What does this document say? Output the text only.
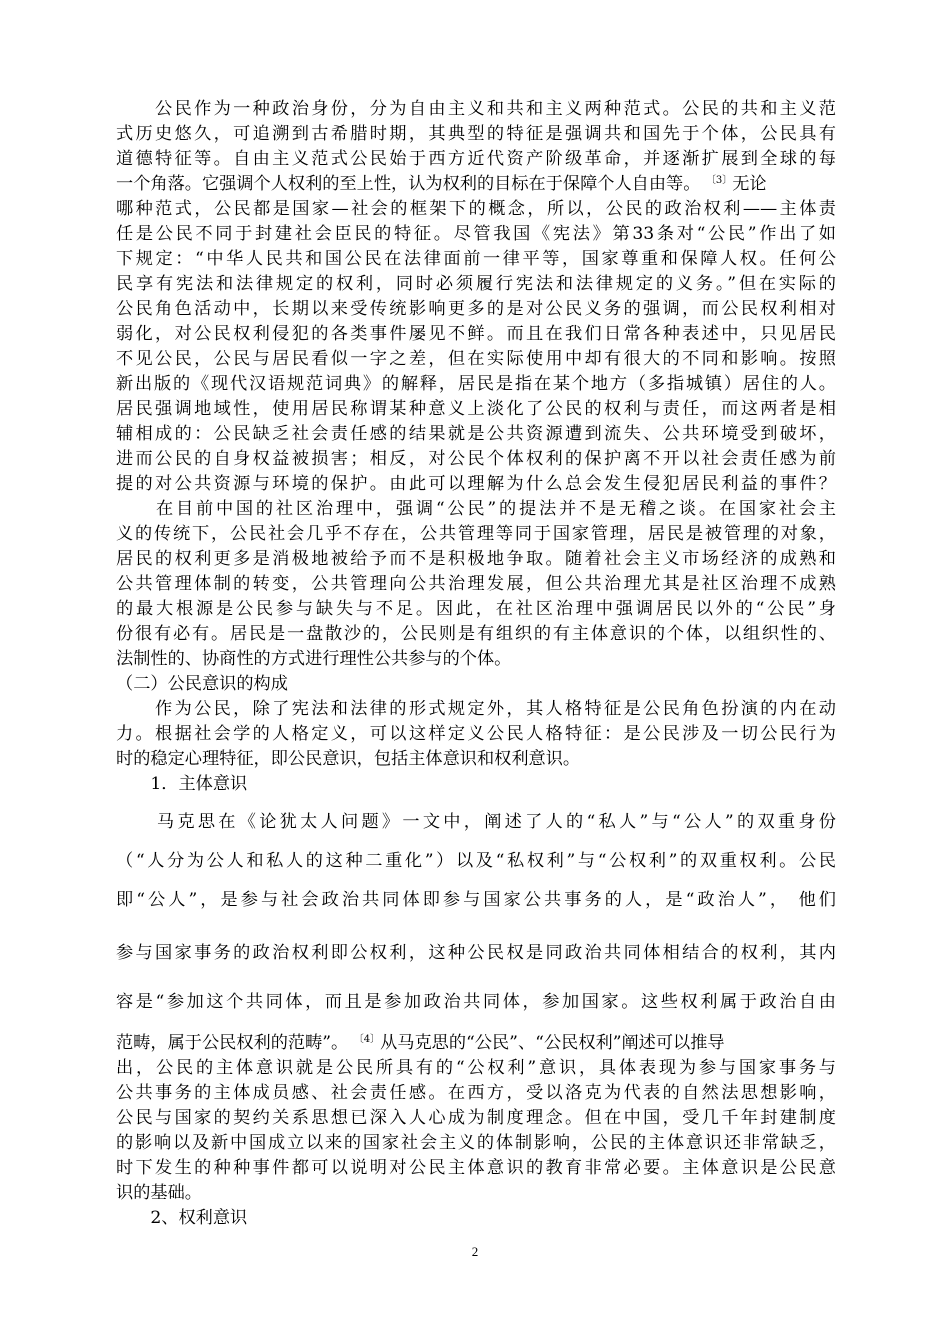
　　公民作为一种政治身份，分为自由主义和共和主义两种范式。公民的共和主义范
式历史悠久，可追溯到古希腊时期，其典型的特征是强调共和国先于个体，公民具有
道德特征等。自由主义范式公民始于西方近代资产阶级革命，并逐渐扩展到全球的每
一个角落。它强调个人权利的至上性，认为权利的目标在于保障个人自由等。 $^{〔3〕}$无论
哪种范式，公民都是国家—社会的框架下的概念，所以，公民的政治权利——主体责
任是公民不同于封建社会臣民的特征。尽管我国《宪法》第33条对“公民”作出了如
下规定：“中华人民共和国公民在法律面前一律平等，国家尊重和保障人权。任何公
民享有宪法和法律规定的权利，同时必须履行宪法和法律规定的义务。”但在实际的
公民角色活动中，长期以来受传统影响更多的是对公民义务的强调，而公民权利相对
弱化，对公民权利侵犯的各类事件屡见不鲜。而且在我们日常各种表述中，只见居民
不见公民，公民与居民看似一字之差，但在实际使用中却有很大的不同和影响。按照
新出版的《现代汉语规范词典》的解释，居民是指在某个地方（多指城镇）居住的人。
居民强调地域性，使用居民称谓某种意义上淡化了公民的权利与责任，而这两者是相
辅相成的：公民缺乏社会责任感的结果就是公共资源遭到流失、公共环境受到破坏，
进而公民的自身权益被损害；相反，对公民个体权利的保护离不开以社会责任感为前
提的对公共资源与环境的保护。由此可以理解为什么总会发生侵犯居民利益的事件？
　　在目前中国的社区治理中，强调“公民”的提法并不是无稽之谈。在国家社会主
义的传统下，公民社会几乎不存在，公共管理等同于国家管理，居民是被管理的对象，
居民的权利更多是消极地被给予而不是积极地争取。随着社会主义市场经济的成熟和
公共管理体制的转变，公共管理向公共治理发展，但公共治理尤其是社区治理不成熟
的最大根源是公民参与缺失与不足。因此，在社区治理中强调居民以外的“公民”身
份很有必有。居民是一盘散沙的，公民则是有组织的有主体意识的个体，以组织性的、
法制性的、协商性的方式进行理性公共参与的个体。
（二）公民意识的构成
　　作为公民，除了宪法和法律的形式规定外，其人格特征是公民角色扮演的内在动
力。根据社会学的人格定义，可以这样定义公民人格特征：是公民涉及一切公民行为
时的稳定心理特征，即公民意识，包括主体意识和权利意识。
　　1．主体意识
　　马克思在《论犹太人问题》一文中，阐述了人的“私人”与“公人”的双重身份
（“人分为公人和私人的这种二重化”）以及“私权利”与“公权利”的双重权利。公民
即“公人”，是参与社会政治共同体即参与国家公共事务的人，是“政治人”， 他们
参与国家事务的政治权利即公权利，这种公民权是同政治共同体相结合的权利，其内
容是“参加这个共同体，而且是参加政治共同体，参加国家。这些权利属于政治自由
范畴，属于公民权利的范畴”。 $^{〔4〕}$从马克思的“公民”、“公民权利”阐述可以推导
出，公民的主体意识就是公民所具有的“公权利”意识，具体表现为参与国家事务与
公共事务的主体成员感、社会责任感。在西方，受以洛克为代表的自然法思想影响，
公民与国家的契约关系思想已深入人心成为制度理念。但在中国，受几千年封建制度
的影响以及新中国成立以来的国家社会主义的体制影响，公民的主体意识还非常缺乏，
时下发生的种种事件都可以说明对公民主体意识的教育非常必要。主体意识是公民意
识的基础。
　　2、权利意识
2
